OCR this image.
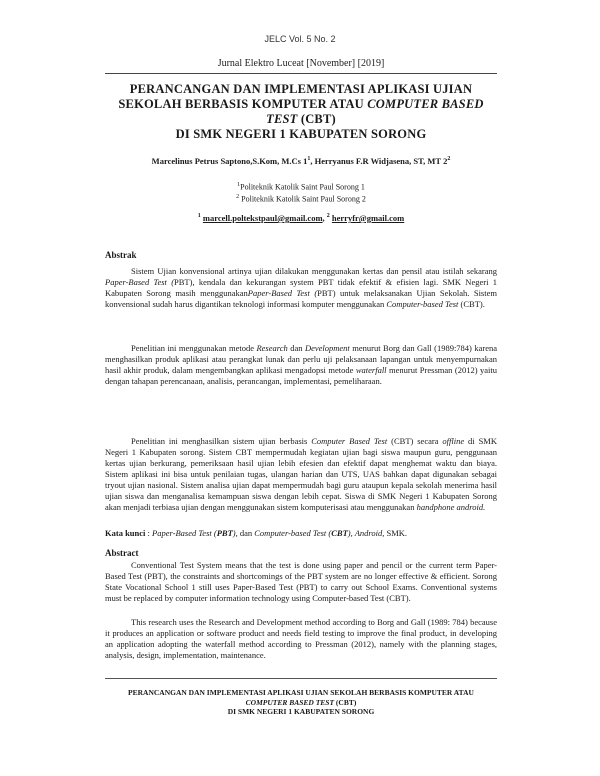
JELC Vol. 5 No. 2
Jurnal Elektro Luceat [November] [2019]
PERANCANGAN DAN IMPLEMENTASI APLIKASI UJIAN
SEKOLAH BERBASIS KOMPUTER ATAU COMPUTER BASED
TEST (CBT)
DI SMK NEGERI 1 KABUPATEN SORONG
Marcelinus Petrus Saptono,S.Kom, M.Cs $1^1$, Herryanus F.R Widjasena, ST, MT $2^2$
$^1$Politeknik Katolik Saint Paul Sorong 1
$^2$ Politeknik Katolik Saint Paul Sorong 2
$^1$ marcell.poltekstpaul@gmail.com, $^2$ herryfr@gmail.com
Abstrak
Sistem Ujian konvensional artinya ujian dilakukan menggunakan kertas dan pensil atau istilah sekarang Paper-Based Test (PBT), kendala dan kekurangan system PBT tidak efektif & efisien lagi. SMK Negeri 1 Kabupaten Sorong masih menggunakanPaper-Based Test (PBT) untuk melaksanakan Ujian Sekolah. Sistem konvensional sudah harus digantikan teknologi informasi komputer menggunakan Computer-based Test (CBT).
Penelitian ini menggunakan metode Research dan Development menurut Borg dan Gall (1989:784) karena menghasilkan produk aplikasi atau perangkat lunak dan perlu uji pelaksanaan lapangan untuk menyempurnakan hasil akhir produk, dalam mengembangkan aplikasi mengadopsi metode waterfall menurut Pressman (2012) yaitu dengan tahapan perencanaan, analisis, perancangan, implementasi, pemeliharaan.
Penelitian ini menghasilkan sistem ujian berbasis Computer Based Test (CBT) secara offline di SMK Negeri 1 Kabupaten sorong. Sistem CBT mempermudah kegiatan ujian bagi siswa maupun guru, penggunaan kertas ujian berkurang, pemeriksaan hasil ujian lebih efesien dan efektif dapat menghemat waktu dan biaya. Sistem aplikasi ini bisa untuk penilaian tugas, ulangan harian dan UTS, UAS bahkan dapat digunakan sebagai tryout ujian nasional. Sistem analisa ujian dapat mempermudah bagi guru ataupun kepala sekolah menerima hasil ujian siswa dan menganalisa kemampuan siswa dengan lebih cepat. Siswa di SMK Negeri 1 Kabupaten Sorong akan menjadi terbiasa ujian dengan menggunakan sistem komputerisasi atau menggunakan handphone android.
Kata kunci : Paper-Based Test (PBT), dan Computer-based Test (CBT), Android, SMK.
Abstract
Conventional Test System means that the test is done using paper and pencil or the current term Paper-Based Test (PBT), the constraints and shortcomings of the PBT system are no longer effective & efficient. Sorong State Vocational School 1 still uses Paper-Based Test (PBT) to carry out School Exams. Conventional systems must be replaced by computer information technology using Computer-based Test (CBT).
This research uses the Research and Development method according to Borg and Gall (1989: 784) because it produces an application or software product and needs field testing to improve the final product, in developing an application adopting the waterfall method according to Pressman (2012), namely with the planning stages, analysis, design, implementation, maintenance.
PERANCANGAN DAN IMPLEMENTASI APLIKASI UJIAN SEKOLAH BERBASIS KOMPUTER ATAU
COMPUTER BASED TEST (CBT)
DI SMK NEGERI 1 KABUPATEN SORONG
